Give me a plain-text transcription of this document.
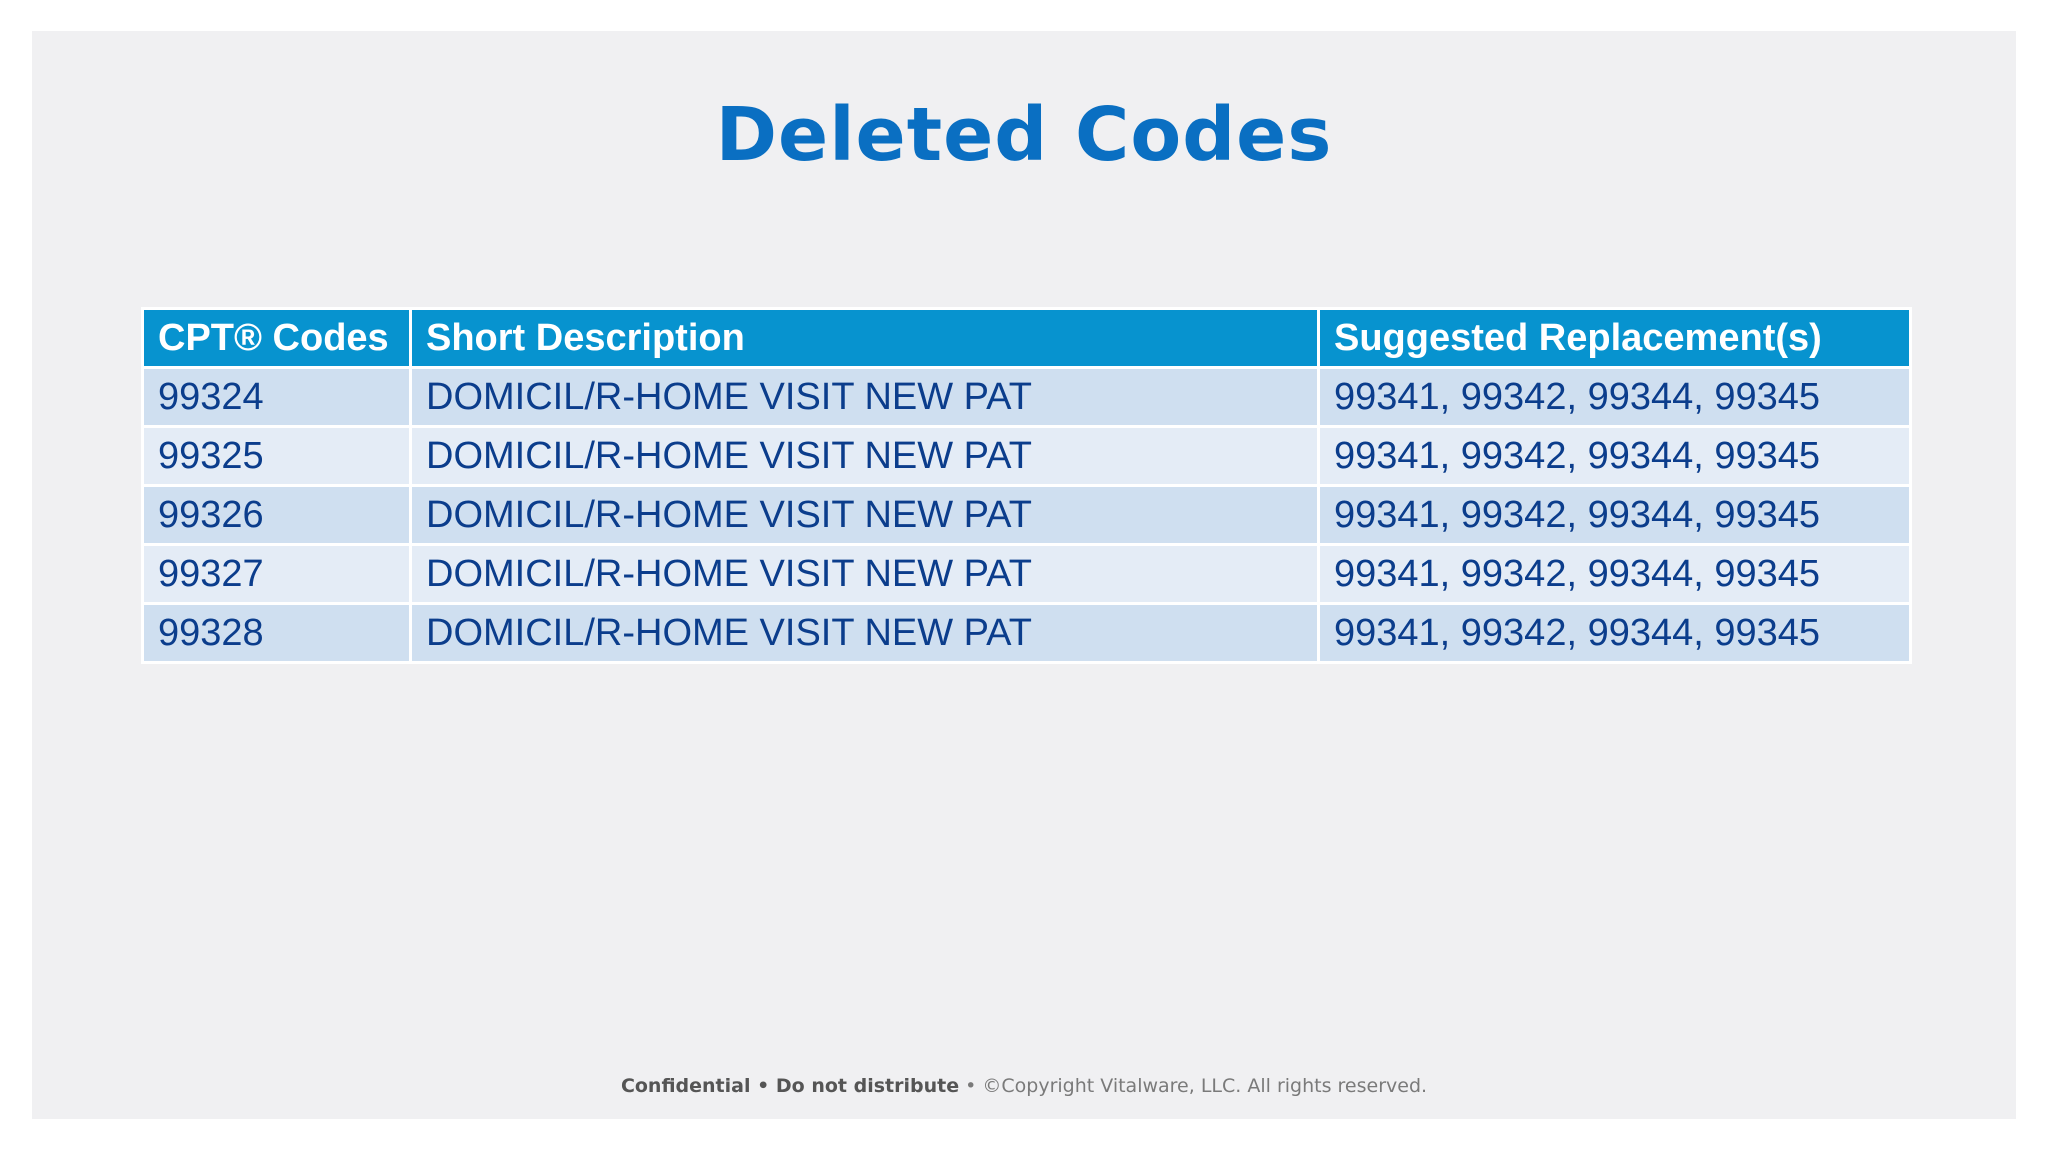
Deleted Codes
CPT® Codes	Short Description	Suggested Replacement(s)
99324	DOMICIL/R-HOME VISIT NEW PAT	99341, 99342, 99344, 99345
99325	DOMICIL/R-HOME VISIT NEW PAT	99341, 99342, 99344, 99345
99326	DOMICIL/R-HOME VISIT NEW PAT	99341, 99342, 99344, 99345
99327	DOMICIL/R-HOME VISIT NEW PAT	99341, 99342, 99344, 99345
99328	DOMICIL/R-HOME VISIT NEW PAT	99341, 99342, 99344, 99345
Confidential • Do not distribute • ©Copyright Vitalware, LLC. All rights reserved.
